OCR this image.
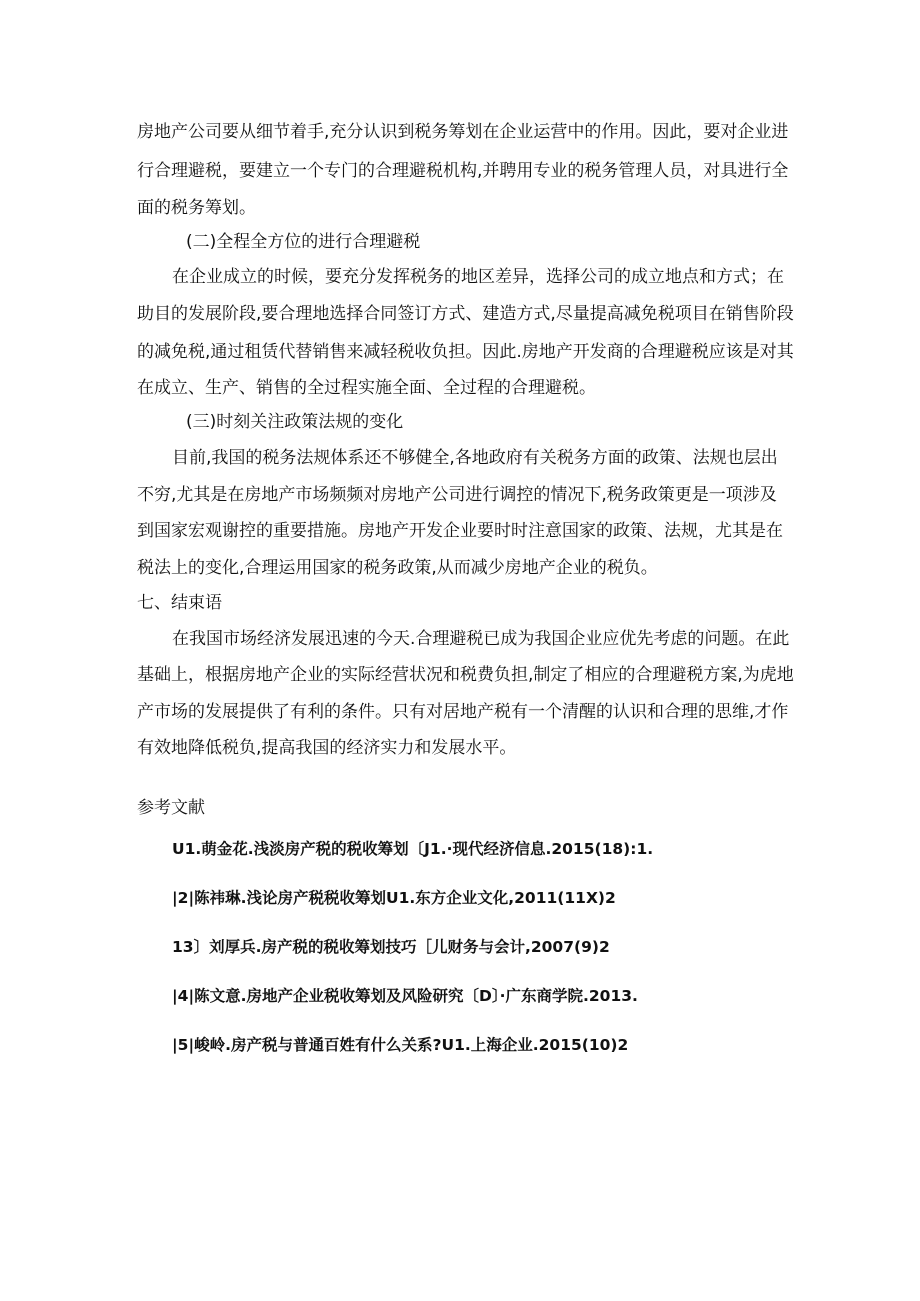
房地产公司要从细节着手,充分认识到税务筹划在企业运营中的作用。因此，要对企业进
行合理避税，要建立一个专门的合理避税机构,并聘用专业的税务管理人员，对具进行全
面的税务筹划。
(二)全程全方位的进行合理避税
在企业成立的时候，要充分发挥税务的地区差异，选择公司的成立地点和方式；在
助目的发展阶段,要合理地选择合同签订方式、建造方式,尽量提高减免税项目在销售阶段
的减免税,通过租赁代替销售来减轻税收负担。因此.房地产开发商的合理避税应该是对其
在成立、生产、销售的全过程实施全面、全过程的合理避税。
(三)时刻关注政策法规的变化
目前,我国的税务法规体系还不够健全,各地政府有关税务方面的政策、法规也层出
不穷,尤其是在房地产市场频频对房地产公司进行调控的情况下,税务政策更是一项涉及
到国家宏观谢控的重要措施。房地产开发企业要时时注意国家的政策、法规，尤其是在
税法上的变化,合理运用国家的税务政策,从而减少房地产企业的税负。
七、结束语
在我国市场经济发展迅速的今天.合理避税已成为我国企业应优先考虑的问题。在此
基础上，根据房地产企业的实际经营状况和税费负担,制定了相应的合理避税方案,为虎地
产市场的发展提供了有利的条件。只有对居地产税有一个清醒的认识和合理的思维,才作
有效地降低税负,提高我国的经济实力和发展水平。
参考文献
U1.萌金花.浅淡房产税的税收筹划〔J1.·现代经济信息.2015(18):1.
|2|陈祎琳.浅论房产税税收筹划U1.东方企业文化,2011(11X)2
13〕刘厚兵.房产税的税收筹划技巧［儿财务与会计,2007(9)2
|4|陈文意.房地产企业税收筹划及风险研究〔D〕·广东商学院.2013.
|5|峻岭.房产税与普通百姓有什么关系?U1.上海企业.2015(10)2
